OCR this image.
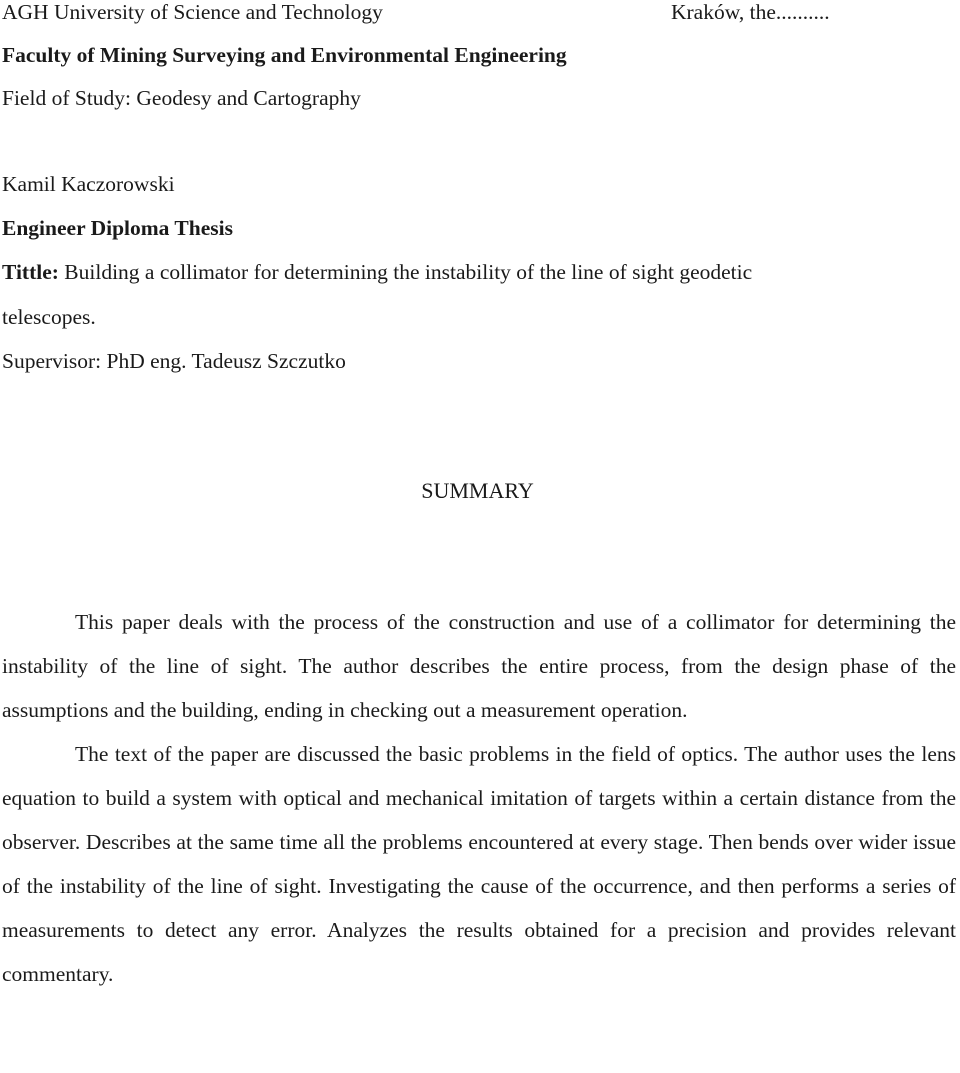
AGH University of Science and Technology	Kraków, the..........
Faculty of Mining Surveying and Environmental Engineering
Field of Study: Geodesy and Cartography
Kamil Kaczorowski
Engineer Diploma Thesis
Tittle: Building a collimator for determining the instability of the line of sight geodetic
telescopes.
Supervisor: PhD eng. Tadeusz Szczutko
SUMMARY

This paper deals with the process of the construction and use of a collimator for determining the instability of the line of sight. The author describes the entire process, from the design phase of the assumptions and the building, ending in checking out a measurement operation.

The text of the paper are discussed the basic problems in the field of optics. The author uses the lens equation to build a system with optical and mechanical imitation of targets within a certain distance from the observer. Describes at the same time all the problems encountered at every stage. Then bends over wider issue of the instability of the line of sight. Investigating the cause of the occurrence, and then performs a series of measurements to detect any error. Analyzes the results obtained for a precision and provides relevant commentary.
